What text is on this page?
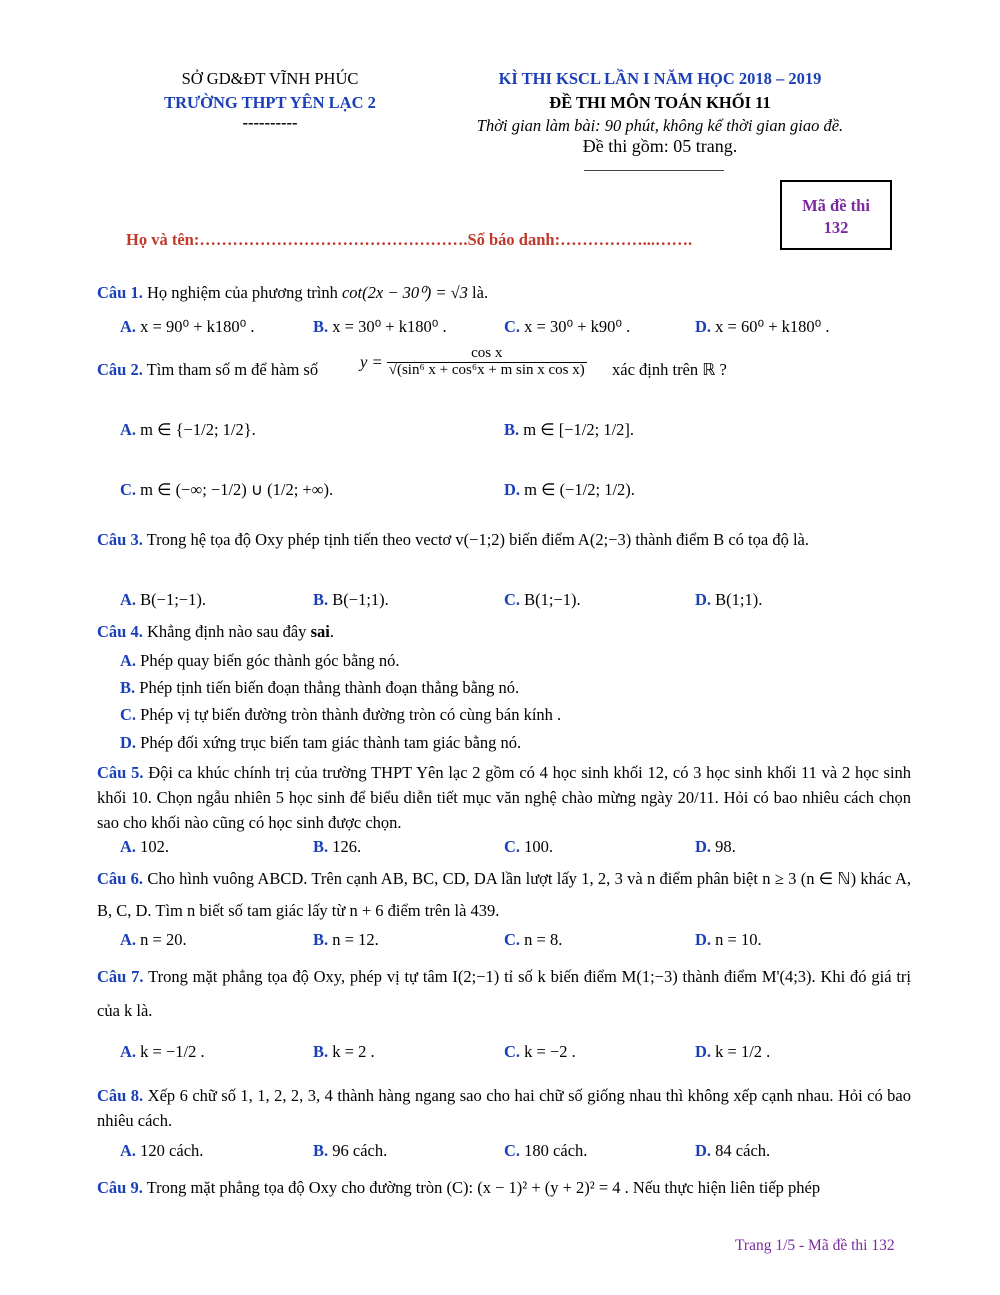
SỞ GD&ĐT VĨNH PHÚC
TRƯỜNG THPT YÊN LẠC 2
----------
KÌ THI KSCL LẦN I NĂM HỌC 2018 – 2019
ĐỀ THI MÔN TOÁN KHỐI 11
Thời gian làm bài: 90 phút, không kể thời gian giao đề.
Đề thi gồm: 05 trang.
Mã đề thi
132
Họ và tên:………………………………………….Số báo danh:……………...…….
Câu 1. Họ nghiệm của phương trình cot(2x − 30⁰) = √3 là.
A. x = 90⁰ + k180⁰ .	B. x = 30⁰ + k180⁰ .	C. x = 30⁰ + k90⁰ .	D. x = 60⁰ + k180⁰ .
Câu 2. Tìm tham số m để hàm số	$y = \frac{\text{cos x}}{\text{√(sin⁶ x + cos⁶x + m sin x cos x)}}$ xác định trên ℝ ?
A. m ∈ {−1/2; 1/2}.	B. m ∈ [−1/2; 1/2].
C. m ∈ (−∞; −1/2) ∪ (1/2; +∞).	D. m ∈ (−1/2; 1/2).
Câu 3. Trong hệ tọa độ Oxy phép tịnh tiến theo vectơ v(−1;2) biến điểm A(2;−3) thành điểm B có tọa độ là.
A. B(−1;−1).	B. B(−1;1).	C. B(1;−1).	D. B(1;1).
Câu 4. Khẳng định nào sau đây sai.
A. Phép quay biến góc thành góc bằng nó.
B. Phép tịnh tiến biến đoạn thẳng thành đoạn thẳng bằng nó.
C. Phép vị tự biến đường tròn thành đường tròn có cùng bán kính .
D. Phép đối xứng trục biến tam giác thành tam giác bằng nó.
Câu 5. Đội ca khúc chính trị của trường THPT Yên lạc 2 gồm có 4 học sinh khối 12, có 3 học sinh khối 11 và 2 học sinh khối 10. Chọn ngẫu nhiên 5 học sinh để biểu diễn tiết mục văn nghệ chào mừng ngày 20/11. Hỏi có bao nhiêu cách chọn sao cho khối nào cũng có học sinh được chọn.
A. 102.	B. 126.	C. 100.	D. 98.
Câu 6. Cho hình vuông ABCD. Trên cạnh AB, BC, CD, DA lần lượt lấy 1, 2, 3 và n điểm phân biệt n ≥ 3 (n ∈ ℕ) khác A, B, C, D. Tìm n biết số tam giác lấy từ n + 6 điểm trên là 439.
A. n = 20.	B. n = 12.	C. n = 8.	D. n = 10.
Câu 7. Trong mặt phẳng tọa độ Oxy, phép vị tự tâm I(2;−1) tỉ số k biến điểm M(1;−3) thành điểm M'(4;3). Khi đó giá trị của k là.
A. k = −1/2 .	B. k = 2 .	C. k = −2 .	D. k = 1/2 .
Câu 8. Xếp 6 chữ số 1, 1, 2, 2, 3, 4 thành hàng ngang sao cho hai chữ số giống nhau thì không xếp cạnh nhau. Hỏi có bao nhiêu cách.
A. 120 cách.	B. 96 cách.	C. 180 cách.	D. 84 cách.
Câu 9. Trong mặt phẳng tọa độ Oxy cho đường tròn (C): (x − 1)² + (y + 2)² = 4 . Nếu thực hiện liên tiếp phép
Trang 1/5 - Mã đề thi 132
